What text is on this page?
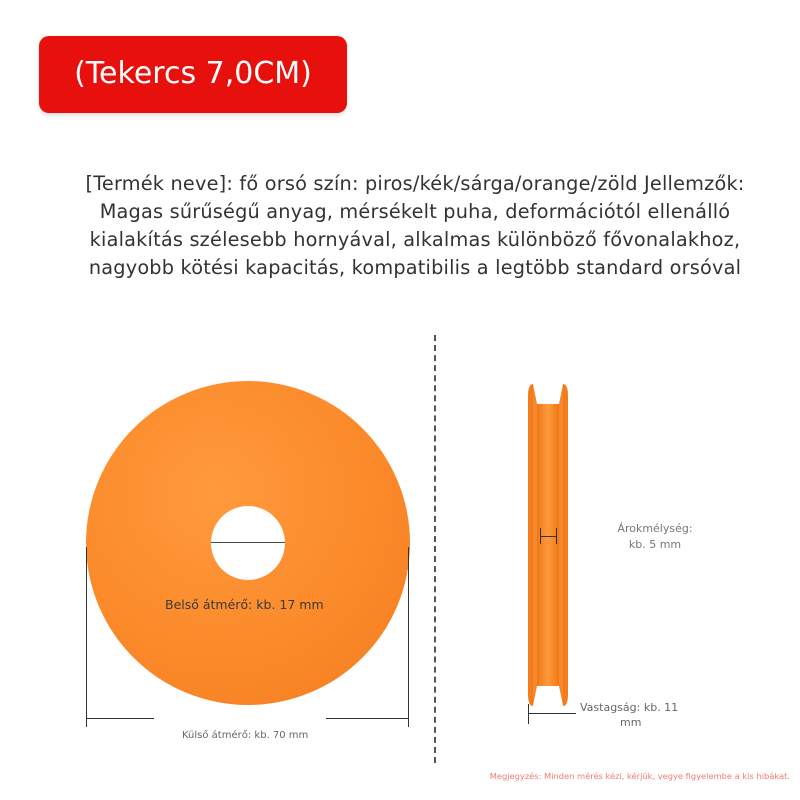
(Tekercs 7,0CM)
[Termék neve]: fő orsó szín: piros/kék/sárga/orange/zöld Jellemzők:
Magas sűrűségű anyag, mérsékelt puha, deformációtól ellenálló
kialakítás szélesebb hornyával, alkalmas különböző fővonalakhoz,
nagyobb kötési kapacitás, kompatibilis a legtöbb standard orsóval
Belső átmérő: kb. 17 mm
Külső átmérő: kb. 70 mm
Árokmélység:
kb. 5 mm
Vastagság: kb. 11
mm
Megjegyzés: Minden mérés kézi, kérjük, vegye figyelembe a kis hibákat.
